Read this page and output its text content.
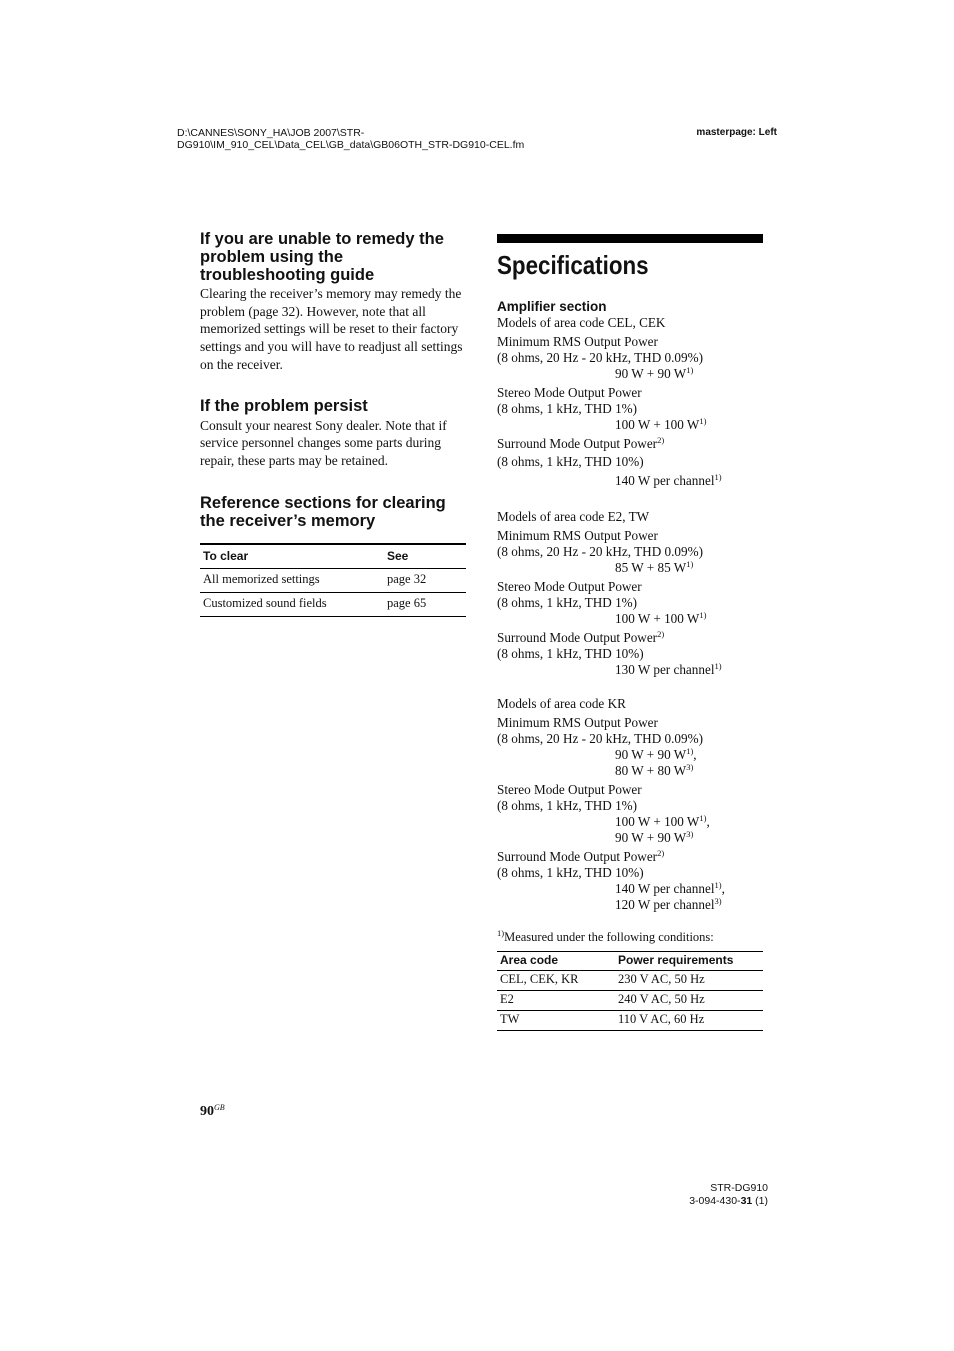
D:\CANNES\SONY_HA\JOB 2007\STR-
DG910\IM_910_CEL\Data_CEL\GB_data\GB06OTH_STR-DG910-CEL.fm
masterpage: Left
If you are unable to remedy the problem using the troubleshooting guide

Clearing the receiver’s memory may remedy the problem (page 32). However, note that all memorized settings will be reset to their factory settings and you will have to readjust all settings on the receiver.

If the problem persist

Consult your nearest Sony dealer. Note that if service personnel changes some parts during repair, these parts may be retained.

Reference sections for clearing the receiver’s memory
To clear	See
All memorized settings	page 32
Customized sound fields	page 65
Specifications
Amplifier section

Models of area code CEL, CEK

Minimum RMS Output Power

(8 ohms, 20 Hz - 20 kHz, THD 0.09%)

90 W + 90 $W^{1)}$

Stereo Mode Output Power

(8 ohms, 1 kHz, THD 1%)

100 W + 100 $W^{1)}$

Surround Mode Output Power$^{2)}$

(8 ohms, 1 kHz, THD 10%)

140 W per channel$^{1)}$

Models of area code E2, TW

Minimum RMS Output Power

(8 ohms, 20 Hz - 20 kHz, THD 0.09%)

85 W + 85 $W^{1)}$

Stereo Mode Output Power

(8 ohms, 1 kHz, THD 1%)

100 W + 100 $W^{1)}$

Surround Mode Output Power$^{2)}$

(8 ohms, 1 kHz, THD 10%)

130 W per channel$^{1)}$

Models of area code KR

Minimum RMS Output Power

(8 ohms, 20 Hz - 20 kHz, THD 0.09%)

90 W + 90 $W^{1)}$,

80 W + 80 $W^{3)}$

Stereo Mode Output Power

(8 ohms, 1 kHz, THD 1%)

100 W + 100 $W^{1)}$,

90 W + 90 $W^{3)}$

Surround Mode Output Power$^{2)}$

(8 ohms, 1 kHz, THD 10%)

140 W per channel$^{1)}$,

120 W per channel$^{3)}$

$^{1)}$Measured under the following conditions:

Area code	Power requirements
CEL, CEK, KR	230 V AC, 50 Hz
E2	240 V AC, 50 Hz
TW	110 V AC, 60 Hz
$90^{GB}$
STR-DG910
3-094-430-31 (1)
